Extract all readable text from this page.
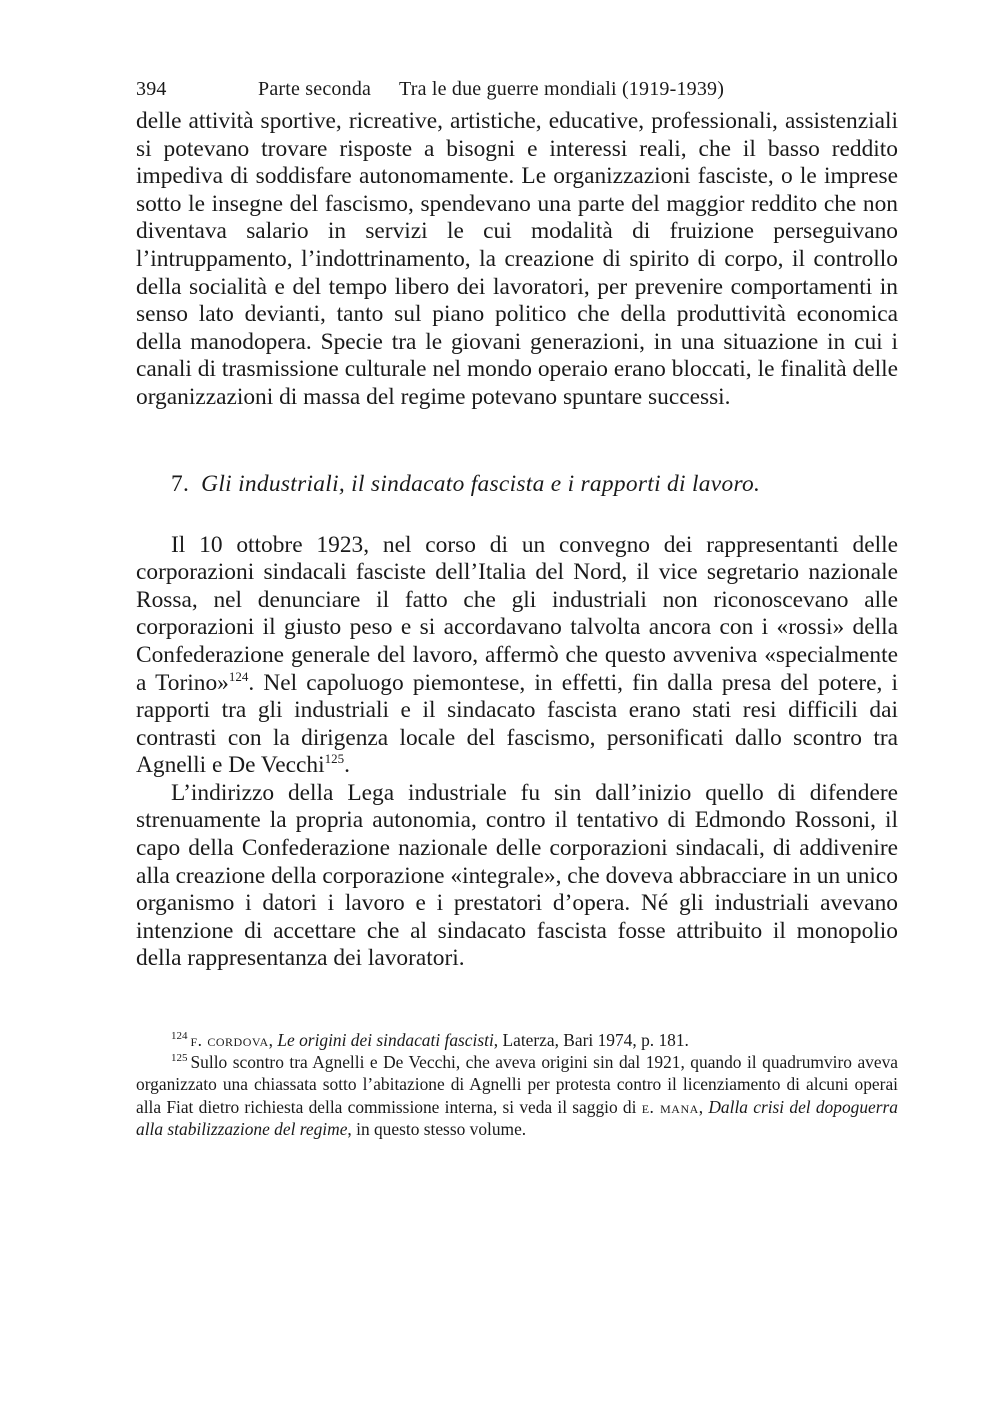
394	Parte seconda Tra le due guerre mondiali (1919-1939)

delle attività sportive, ricreative, artistiche, educative, professionali, assistenziali si potevano trovare risposte a bisogni e interessi reali, che il basso reddito impediva di soddisfare autonomamente. Le organizzazioni fasciste, o le imprese sotto le insegne del fascismo, spendevano una parte del maggior reddito che non diventava salario in servizi le cui modalità di fruizione perseguivano l’intruppamento, l’indottrinamento, la creazione di spirito di corpo, il controllo della socialità e del tempo libero dei lavoratori, per prevenire comportamenti in senso lato devianti, tanto sul piano politico che della produttività economica della manodopera. Specie tra le giovani generazioni, in una situazione in cui i canali di trasmissione culturale nel mondo operaio erano bloccati, le finalità delle organizzazioni di massa del regime potevano spuntare successi.

7. Gli industriali, il sindacato fascista e i rapporti di lavoro.

Il 10 ottobre 1923, nel corso di un convegno dei rappresentanti delle corporazioni sindacali fasciste dell’Italia del Nord, il vice segretario nazionale Rossa, nel denunciare il fatto che gli industriali non riconoscevano alle corporazioni il giusto peso e si accordavano talvolta ancora con i «rossi» della Confederazione generale del lavoro, affermò che questo avveniva «specialmente a Torino»$^{124}$. Nel capoluogo piemontese, in effetti, fin dalla presa del potere, i rapporti tra gli industriali e il sindacato fascista erano stati resi difficili dai contrasti con la dirigenza locale del fascismo, personificati dallo scontro tra Agnelli e De Vecchi$^{125}$.

L’indirizzo della Lega industriale fu sin dall’inizio quello di difendere strenuamente la propria autonomia, contro il tentativo di Edmondo Rossoni, il capo della Confederazione nazionale delle corporazioni sindacali, di addivenire alla creazione della corporazione «integrale», che doveva abbracciare in un unico organismo i datori i lavoro e i prestatori d’opera. Né gli industriali avevano intenzione di accettare che al sindacato fascista fosse attribuito il monopolio della rappresentanza dei lavoratori.

$^{124}$ f. cordova, Le origini dei sindacati fascisti, Laterza, Bari 1974, p. 181.

$^{125}$ Sullo scontro tra Agnelli e De Vecchi, che aveva origini sin dal 1921, quando il quadrumviro aveva organizzato una chiassata sotto l’abitazione di Agnelli per protesta contro il licenziamento di alcuni operai alla Fiat dietro richiesta della commissione interna, si veda il saggio di e. mana, Dalla crisi del dopoguerra alla stabilizzazione del regime, in questo stesso volume.
